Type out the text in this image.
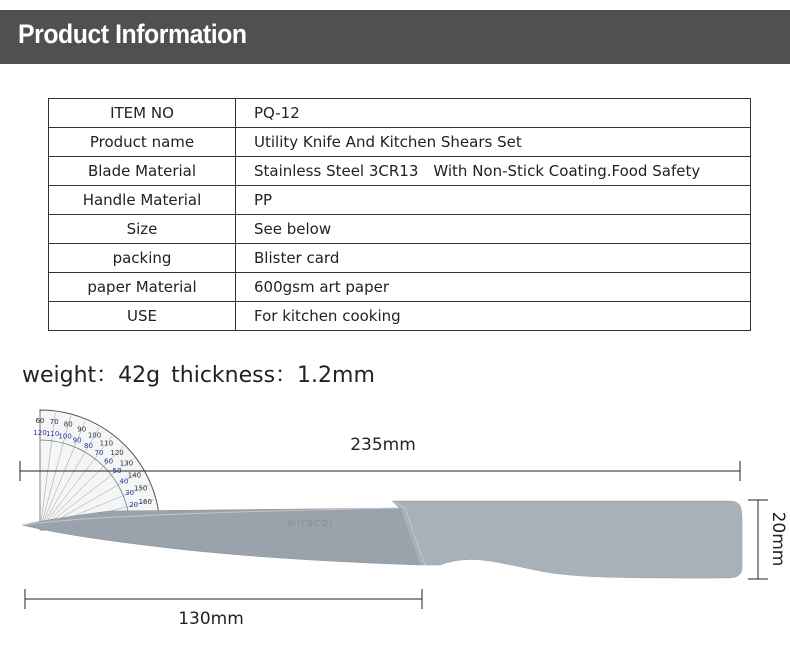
Product Information
ITEM NO	PQ-12
Product name	Utility Knife And Kitchen Shears Set
Blade Material	Stainless Steel 3CR13　With Non-Stick Coating.Food Safety
Handle Material	PP
Size	See below
packing	Blister card
paper Material	600gsm art paper
USE	For kitchen cooking
weight：42g thickness：1.2mm
60 70 80
90
100
110
120
130
140
150
160
120 110 100
90
80
70
60
50
40
30
20
wiracol
235mm
130mm
20mm
